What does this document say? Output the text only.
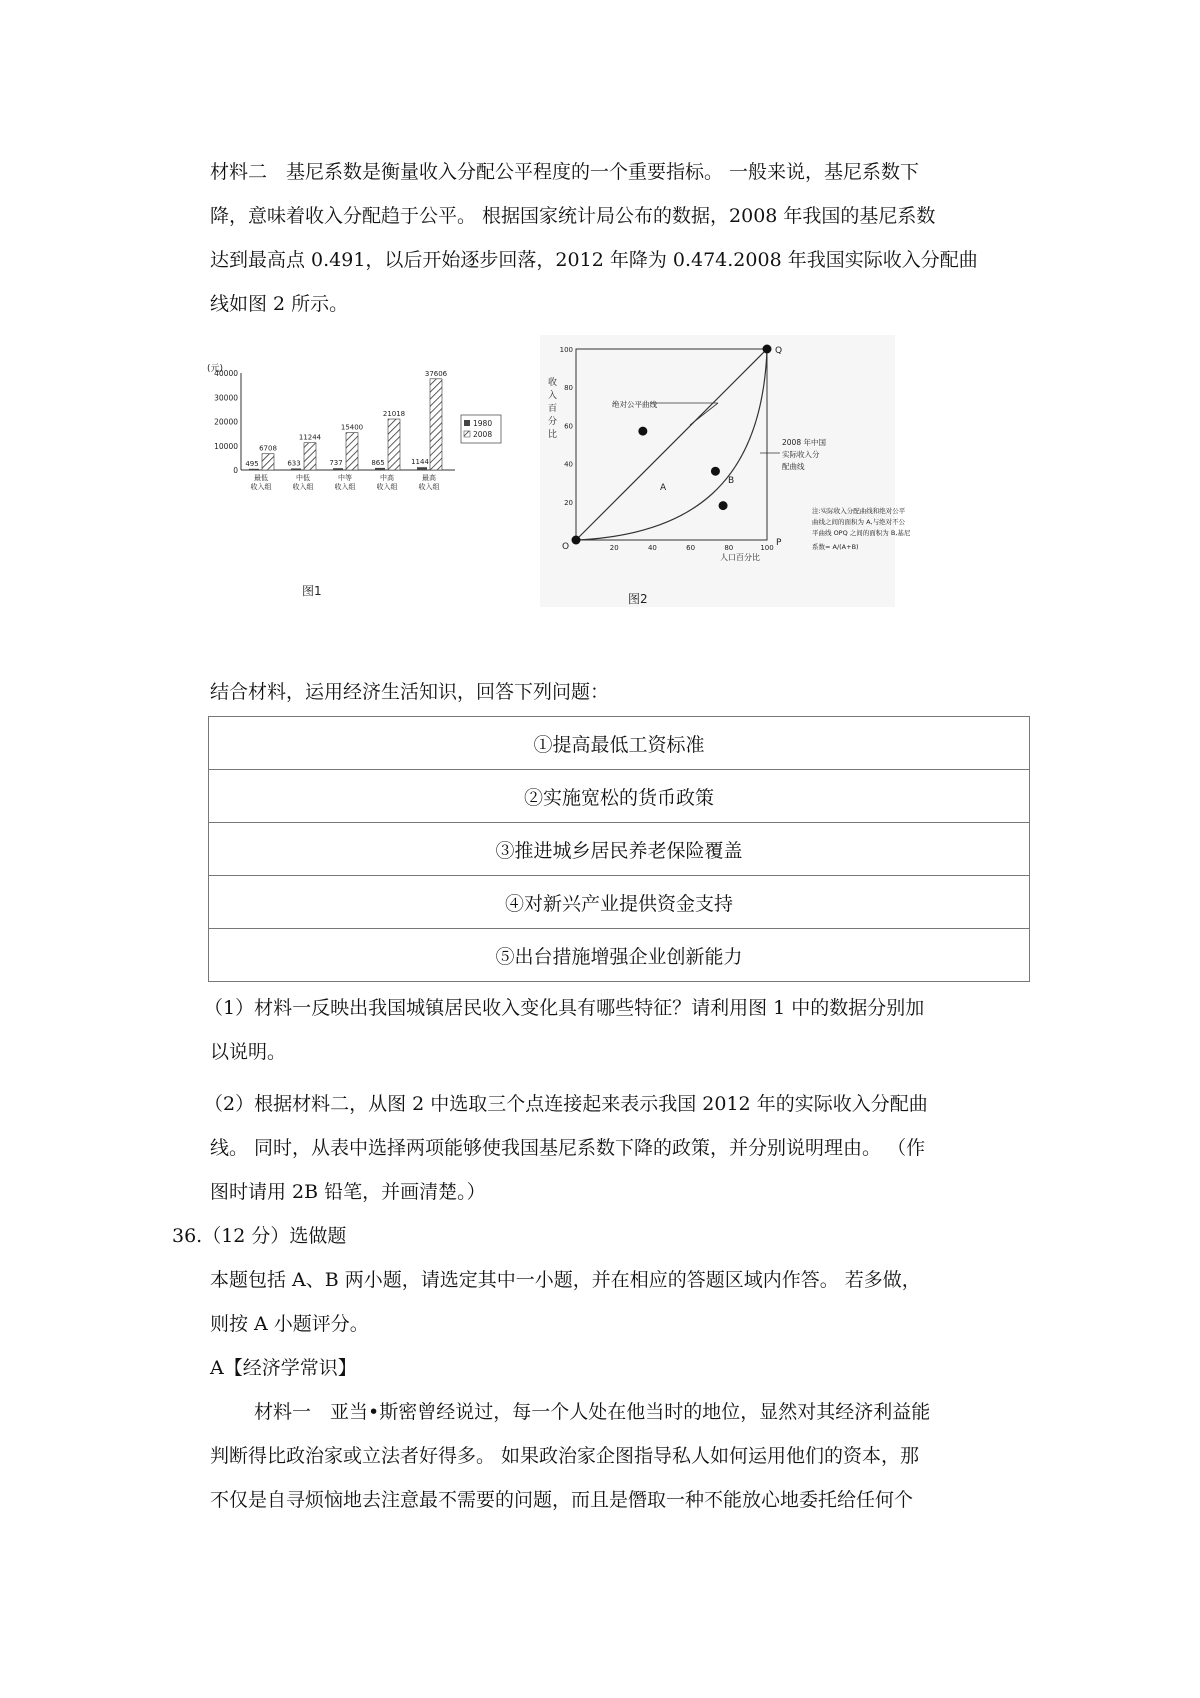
材料二　基尼系数是衡量收入分配公平程度的一个重要指标。 一般来说，基尼系数下
降，意味着收入分配趋于公平。 根据国家统计局公布的数据，2008 年我国的基尼系数
达到最高点 0.491，以后开始逐步回落，2012 年降为 0.474.2008 年我国实际收入分配曲
线如图 2 所示。
(元)
40000
30000
20000
10000
0
495
6708
633
11244
737
15400
865
21018
1144
37606
最低
收入组
中低
收入组
中等
收入组
中高
收入组
最高
收入组
1980
2008
图1
20	40	60	80	100
100
80
60
40
20
收入百分比
人口百分比
O
Q
P
绝对公平曲线
2008 年中国
实际收入分
配曲线
A
B
注:实际收入分配曲线和绝对公平
曲线之间的面积为 A,与绝对不公
平曲线 OPQ 之间的面积为 B,基尼
系数= A/(A+B)
图2
结合材料，运用经济生活知识，回答下列问题：
①提高最低工资标准
②实施宽松的货币政策
③推进城乡居民养老保险覆盖
④对新兴产业提供资金支持
⑤出台措施增强企业创新能力
（1）材料一反映出我国城镇居民收入变化具有哪些特征？请利用图 1 中的数据分别加
以说明。
（2）根据材料二，从图 2 中选取三个点连接起来表示我国 2012 年的实际收入分配曲
线。 同时，从表中选择两项能够使我国基尼系数下降的政策，并分别说明理由。 （作
图时请用 2B 铅笔，并画清楚。）
36.（12 分）选做题
本题包括 A、B 两小题，请选定其中一小题，并在相应的答题区域内作答。 若多做，
则按 A 小题评分。
A【经济学常识】
材料一　亚当•斯密曾经说过，每一个人处在他当时的地位，显然对其经济利益能
判断得比政治家或立法者好得多。 如果政治家企图指导私人如何运用他们的资本，那
不仅是自寻烦恼地去注意最不需要的问题，而且是僭取一种不能放心地委托给任何个
